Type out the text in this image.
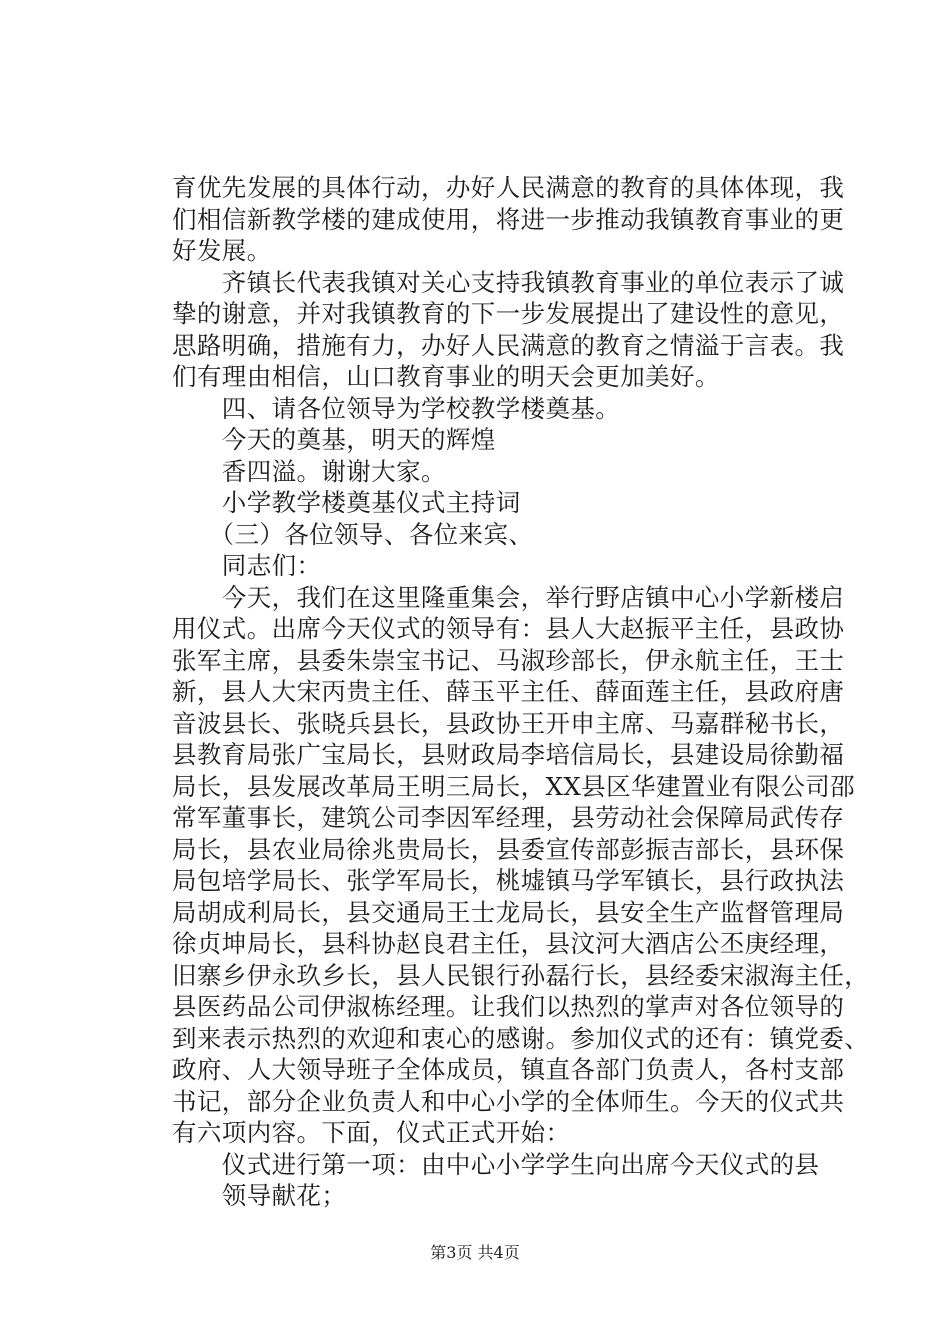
育优先发展的具体行动，办好人民满意的教育的具体体现，我
们相信新教学楼的建成使用，将进一步推动我镇教育事业的更
好发展。
　　齐镇长代表我镇对关心支持我镇教育事业的单位表示了诚
挚的谢意，并对我镇教育的下一步发展提出了建设性的意见，
思路明确，措施有力，办好人民满意的教育之情溢于言表。我
们有理由相信，山口教育事业的明天会更加美好。
　　四、请各位领导为学校教学楼奠基。
　　今天的奠基，明天的辉煌
　　香四溢。谢谢大家。
　　小学教学楼奠基仪式主持词
　　（三）各位领导、各位来宾、
　　同志们：
　　今天，我们在这里隆重集会，举行野店镇中心小学新楼启
用仪式。出席今天仪式的领导有：县人大赵振平主任，县政协
张军主席，县委朱崇宝书记、马淑珍部长，伊永航主任，王士
新，县人大宋丙贵主任、薛玉平主任、薛面莲主任，县政府唐
音波县长、张晓兵县长，县政协王开申主席、马嘉群秘书长，
县教育局张广宝局长，县财政局李培信局长，县建设局徐勤福
局长，县发展改革局王明三局长，XX县区华建置业有限公司邵
常军董事长，建筑公司李因军经理，县劳动社会保障局武传存
局长，县农业局徐兆贵局长，县委宣传部彭振吉部长，县环保
局包培学局长、张学军局长，桃墟镇马学军镇长，县行政执法
局胡成利局长，县交通局王士龙局长，县安全生产监督管理局
徐贞坤局长，县科协赵良君主任，县汶河大酒店公丕庚经理，
旧寨乡伊永玖乡长，县人民银行孙磊行长，县经委宋淑海主任，
县医药品公司伊淑栋经理。让我们以热烈的掌声对各位领导的
到来表示热烈的欢迎和衷心的感谢。参加仪式的还有：镇党委、
政府、人大领导班子全体成员，镇直各部门负责人，各村支部
书记，部分企业负责人和中心小学的全体师生。今天的仪式共
有六项内容。下面，仪式正式开始：
　　仪式进行第一项：由中心小学学生向出席今天仪式的县
　　领导献花；
第3页 共4页
